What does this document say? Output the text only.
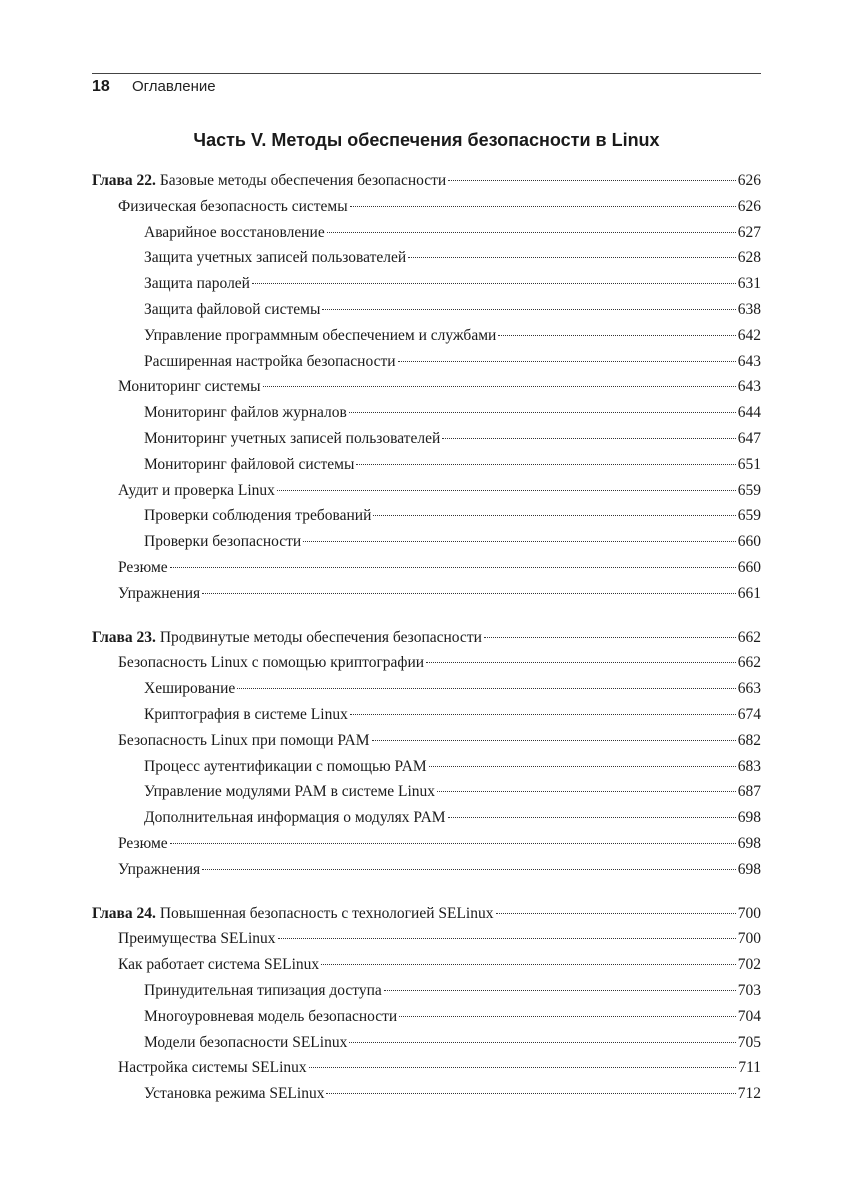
18 Оглавление
Часть V. Методы обеспечения безопасности в Linux
Глава 22. Базовые методы обеспечения безопасности	626
Физическая безопасность системы	626
Аварийное восстановление	627
Защита учетных записей пользователей	628
Защита паролей	631
Защита файловой системы	638
Управление программным обеспечением и службами	642
Расширенная настройка безопасности	643
Мониторинг системы	643
Мониторинг файлов журналов	644
Мониторинг учетных записей пользователей	647
Мониторинг файловой системы	651
Аудит и проверка Linux	659
Проверки соблюдения требований	659
Проверки безопасности	660
Резюме	660
Упражнения	661
Глава 23. Продвинутые методы обеспечения безопасности	662
Безопасность Linux с помощью криптографии	662
Хеширование	663
Криптография в системе Linux	674
Безопасность Linux при помощи PAM	682
Процесс аутентификации с помощью PAM	683
Управление модулями PAM в системе Linux	687
Дополнительная информация о модулях PAM	698
Резюме	698
Упражнения	698
Глава 24. Повышенная безопасность с технологией SELinux	700
Преимущества SELinux	700
Как работает система SELinux	702
Принудительная типизация доступа	703
Многоуровневая модель безопасности	704
Модели безопасности SELinux	705
Настройка системы SELinux	711
Установка режима SELinux	712
